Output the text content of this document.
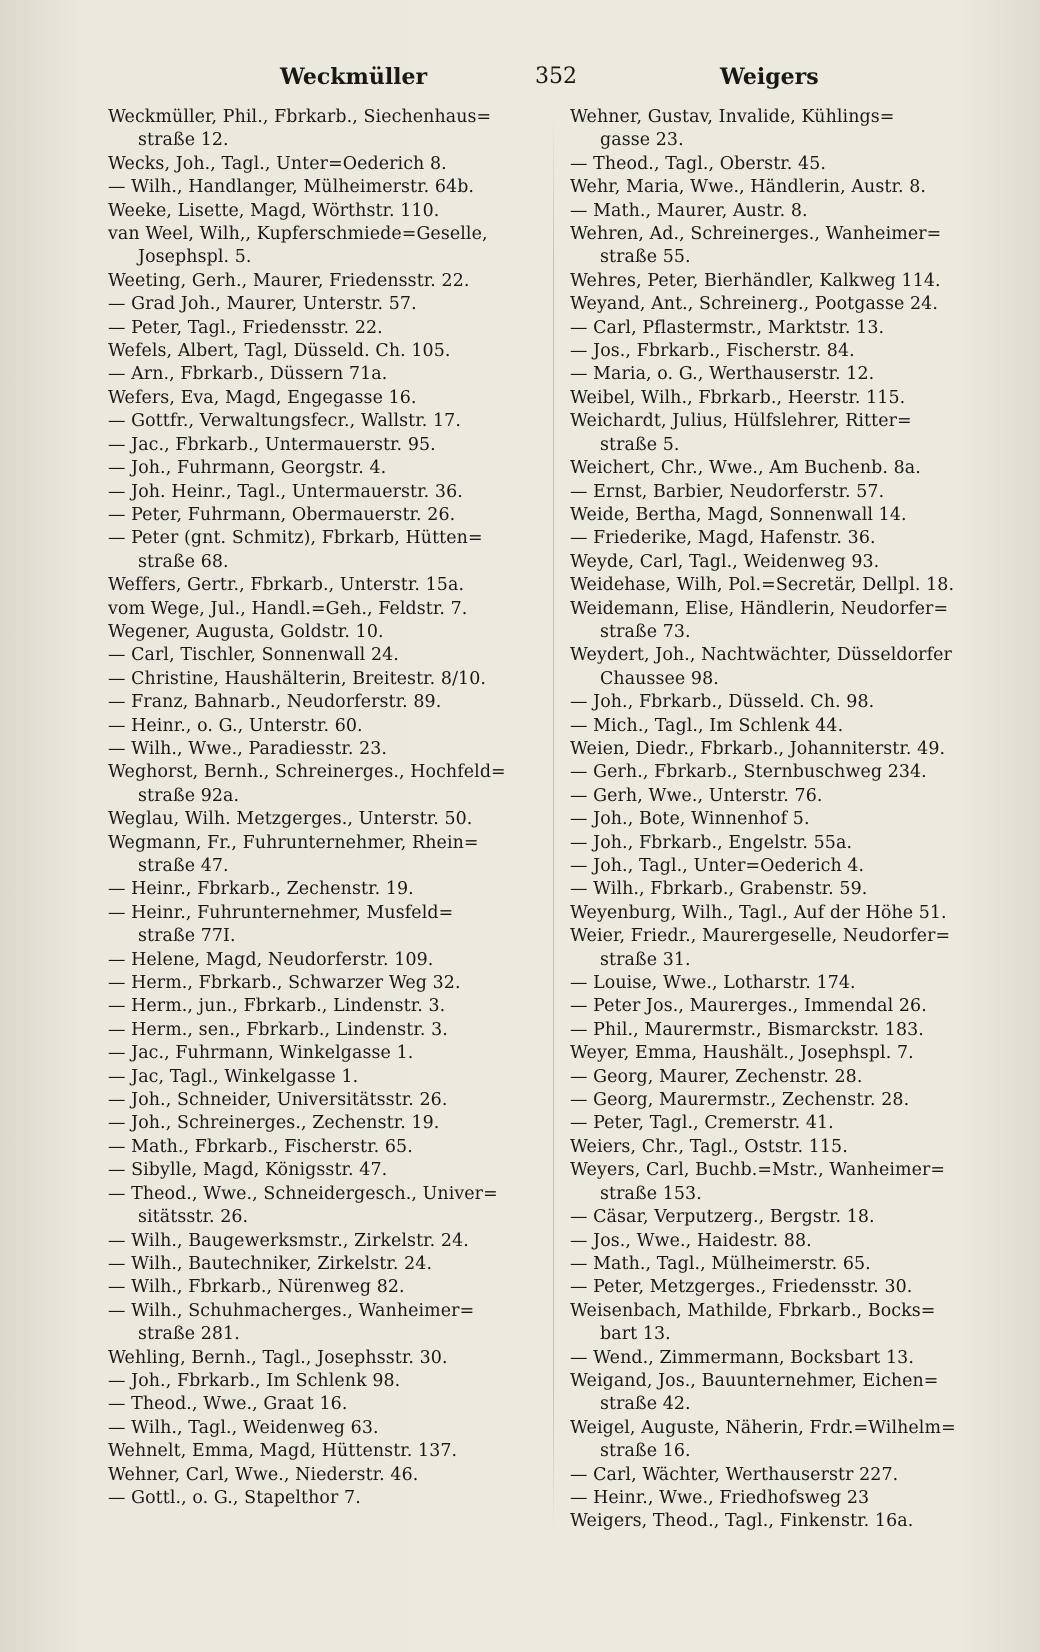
Weckmüller	352	Weigers
Weckmüller, Phil., Fbrkarb., Siechenhaus=
straße 12.
Wecks, Joh., Tagl., Unter=Oederich 8.
— Wilh., Handlanger, Mülheimerstr. 64b.
Weeke, Lisette, Magd, Wörthstr. 110.
van Weel, Wilh,, Kupferschmiede=Geselle,
Josephspl. 5.
Weeting, Gerh., Maurer, Friedensstr. 22.
— Grad Joh., Maurer, Unterstr. 57.
— Peter, Tagl., Friedensstr. 22.
Wefels, Albert, Tagl, Düsseld. Ch. 105.
— Arn., Fbrkarb., Düssern 71a.
Wefers, Eva, Magd, Engegasse 16.
— Gottfr., Verwaltungsfecr., Wallstr. 17.
— Jac., Fbrkarb., Untermauerstr. 95.
— Joh., Fuhrmann, Georgstr. 4.
— Joh. Heinr., Tagl., Untermauerstr. 36.
— Peter, Fuhrmann, Obermauerstr. 26.
— Peter (gnt. Schmitz), Fbrkarb, Hütten=
straße 68.
Weffers, Gertr., Fbrkarb., Unterstr. 15a.
vom Wege, Jul., Handl.=Geh., Feldstr. 7.
Wegener, Augusta, Goldstr. 10.
— Carl, Tischler, Sonnenwall 24.
— Christine, Haushälterin, Breitestr. 8/10.
— Franz, Bahnarb., Neudorferstr. 89.
— Heinr., o. G., Unterstr. 60.
— Wilh., Wwe., Paradiesstr. 23.
Weghorst, Bernh., Schreinerges., Hochfeld=
straße 92a.
Weglau, Wilh. Metzgerges., Unterstr. 50.
Wegmann, Fr., Fuhrunternehmer, Rhein=
straße 47.
— Heinr., Fbrkarb., Zechenstr. 19.
— Heinr., Fuhrunternehmer, Musfeld=
straße 77I.
— Helene, Magd, Neudorferstr. 109.
— Herm., Fbrkarb., Schwarzer Weg 32.
— Herm., jun., Fbrkarb., Lindenstr. 3.
— Herm., sen., Fbrkarb., Lindenstr. 3.
— Jac., Fuhrmann, Winkelgasse 1.
— Jac, Tagl., Winkelgasse 1.
— Joh., Schneider, Universitätsstr. 26.
— Joh., Schreinerges., Zechenstr. 19.
— Math., Fbrkarb., Fischerstr. 65.
— Sibylle, Magd, Königsstr. 47.
— Theod., Wwe., Schneidergesch., Univer=
sitätsstr. 26.
— Wilh., Baugewerksmstr., Zirkelstr. 24.
— Wilh., Bautechniker, Zirkelstr. 24.
— Wilh., Fbrkarb., Nürenweg 82.
— Wilh., Schuhmacherges., Wanheimer=
straße 281.
Wehling, Bernh., Tagl., Josephsstr. 30.
— Joh., Fbrkarb., Im Schlenk 98.
— Theod., Wwe., Graat 16.
— Wilh., Tagl., Weidenweg 63.
Wehnelt, Emma, Magd, Hüttenstr. 137.
Wehner, Carl, Wwe., Niederstr. 46.
— Gottl., o. G., Stapelthor 7.
Wehner, Gustav, Invalide, Kühlings=
gasse 23.
— Theod., Tagl., Oberstr. 45.
Wehr, Maria, Wwe., Händlerin, Austr. 8.
— Math., Maurer, Austr. 8.
Wehren, Ad., Schreinerges., Wanheimer=
straße 55.
Wehres, Peter, Bierhändler, Kalkweg 114.
Weyand, Ant., Schreinerg., Pootgasse 24.
— Carl, Pflastermstr., Marktstr. 13.
— Jos., Fbrkarb., Fischerstr. 84.
— Maria, o. G., Werthauserstr. 12.
Weibel, Wilh., Fbrkarb., Heerstr. 115.
Weichardt, Julius, Hülfslehrer, Ritter=
straße 5.
Weichert, Chr., Wwe., Am Buchenb. 8a.
— Ernst, Barbier, Neudorferstr. 57.
Weide, Bertha, Magd, Sonnenwall 14.
— Friederike, Magd, Hafenstr. 36.
Weyde, Carl, Tagl., Weidenweg 93.
Weidehase, Wilh, Pol.=Secretär, Dellpl. 18.
Weidemann, Elise, Händlerin, Neudorfer=
straße 73.
Weydert, Joh., Nachtwächter, Düsseldorfer
Chaussee 98.
— Joh., Fbrkarb., Düsseld. Ch. 98.
— Mich., Tagl., Im Schlenk 44.
Weien, Diedr., Fbrkarb., Johanniterstr. 49.
— Gerh., Fbrkarb., Sternbuschweg 234.
— Gerh, Wwe., Unterstr. 76.
— Joh., Bote, Winnenhof 5.
— Joh., Fbrkarb., Engelstr. 55a.
— Joh., Tagl., Unter=Oederich 4.
— Wilh., Fbrkarb., Grabenstr. 59.
Weyenburg, Wilh., Tagl., Auf der Höhe 51.
Weier, Friedr., Maurergeselle, Neudorfer=
straße 31.
— Louise, Wwe., Lotharstr. 174.
— Peter Jos., Maurerges., Immendal 26.
— Phil., Maurermstr., Bismarckstr. 183.
Weyer, Emma, Haushält., Josephspl. 7.
— Georg, Maurer, Zechenstr. 28.
— Georg, Maurermstr., Zechenstr. 28.
— Peter, Tagl., Cremerstr. 41.
Weiers, Chr., Tagl., Oststr. 115.
Weyers, Carl, Buchb.=Mstr., Wanheimer=
straße 153.
— Cäsar, Verputzerg., Bergstr. 18.
— Jos., Wwe., Haidestr. 88.
— Math., Tagl., Mülheimerstr. 65.
— Peter, Metzgerges., Friedensstr. 30.
Weisenbach, Mathilde, Fbrkarb., Bocks=
bart 13.
— Wend., Zimmermann, Bocksbart 13.
Weigand, Jos., Bauunternehmer, Eichen=
straße 42.
Weigel, Auguste, Näherin, Frdr.=Wilhelm=
straße 16.
— Carl, Wächter, Werthauserstr 227.
— Heinr., Wwe., Friedhofsweg 23
Weigers, Theod., Tagl., Finkenstr. 16a.
